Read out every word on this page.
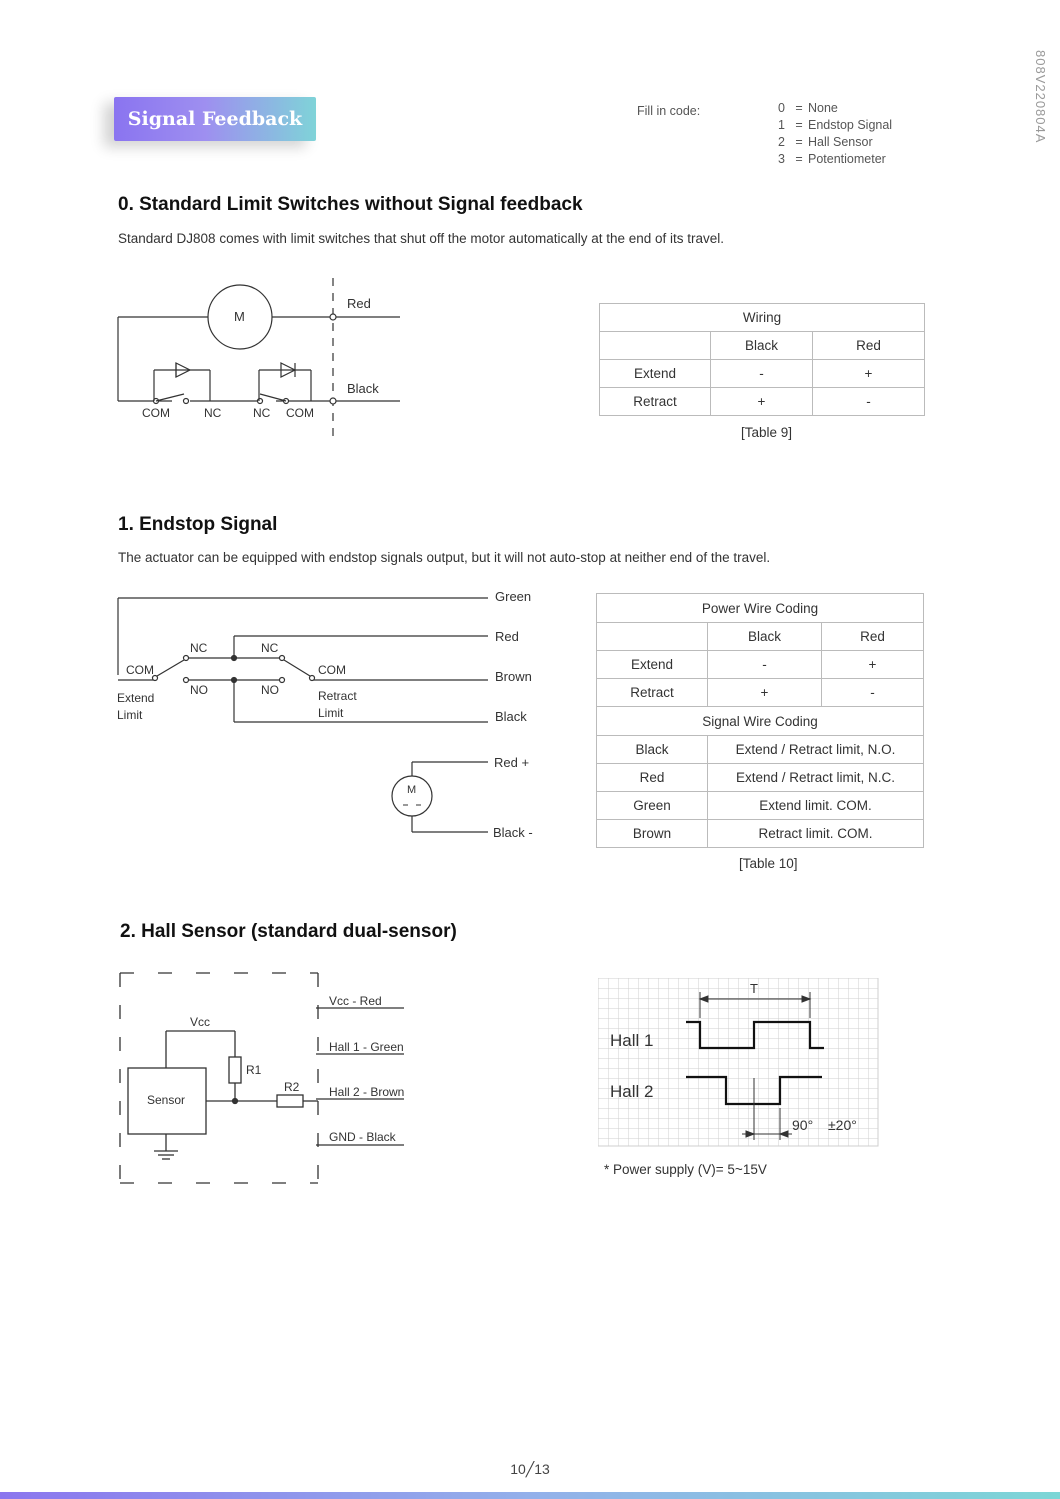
Signal Feedback	Fill in code:	0 = None
1 = Endstop Signal
2 = Hall Sensor
3 = Potentiometer
808V220804A
0. Standard Limit Switches without Signal feedback

Standard DJ808 comes with limit switches that shut off the motor automatically at the end of its travel.

M
Red
Black
COM	NC	NC COM
Wiring		
	Black	Red
Extend	-	+
Retract	+	-
[Table 9]
1. Endstop Signal

The actuator can be equipped with endstop signals output, but it will not auto-stop at neither end of the travel.

Green
Red
Brown
Black
NC	NC
NO	NO
COM	COM
Extend
Limit
Retract
Limit
M
Red +
Black -
Power Wire Coding		
	Black	Red
Extend	-	+
Retract	+	-
Signal Wire Coding		
Black	Extend / Retract limit, N.O.	
Red	Extend / Retract limit, N.C.	
Green	Extend limit. COM.	
Brown	Retract limit. COM.	
[Table 10]
2. Hall Sensor (standard dual-sensor)
Vcc
R1
R2
Sensor
Vcc - Red
Hall 1 - Green
Hall 2 - Brown
GND - Black
T
Hall 1
Hall 2
90° ±20°
* Power supply (V)= 5~15V
10╱13
